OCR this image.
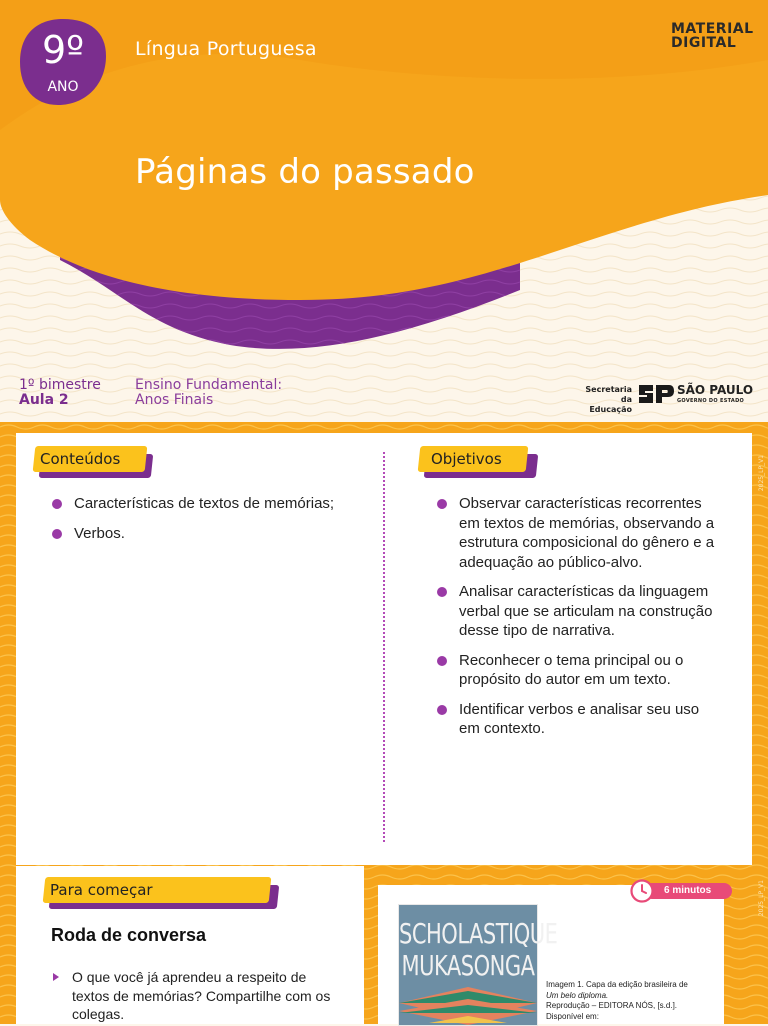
9º
ANO
Língua Portuguesa
Páginas do passado
MATERIAL
DIGITAL
1º bimestre
Aula 2
Ensino Fundamental:
Anos Finais
Secretaria da
Educação
SÃO PAULO
GOVERNO DO ESTADO
2025_LP_V1
2025_LP_V1
Conteúdos
Características de textos de memórias;
Verbos.
Objetivos
Observar características recorrentes em textos de memórias, observando a estrutura composicional do gênero e a adequação ao público-alvo.
Analisar características da linguagem verbal que se articulam na construção desse tipo de narrativa.
Reconhecer o tema principal ou o propósito do autor em um texto.
Identificar verbos e analisar seu uso em contexto.
Para começar
Roda de conversa
O que você já aprendeu a respeito de textos de memórias? Compartilhe com os colegas.
6 minutos
SCHOLASTIQUE
MUKASONGA
Imagem 1. Capa da edição brasileira de
Um belo diploma.
Reprodução – EDITORA NÓS, [s.d.].
Disponível em:
